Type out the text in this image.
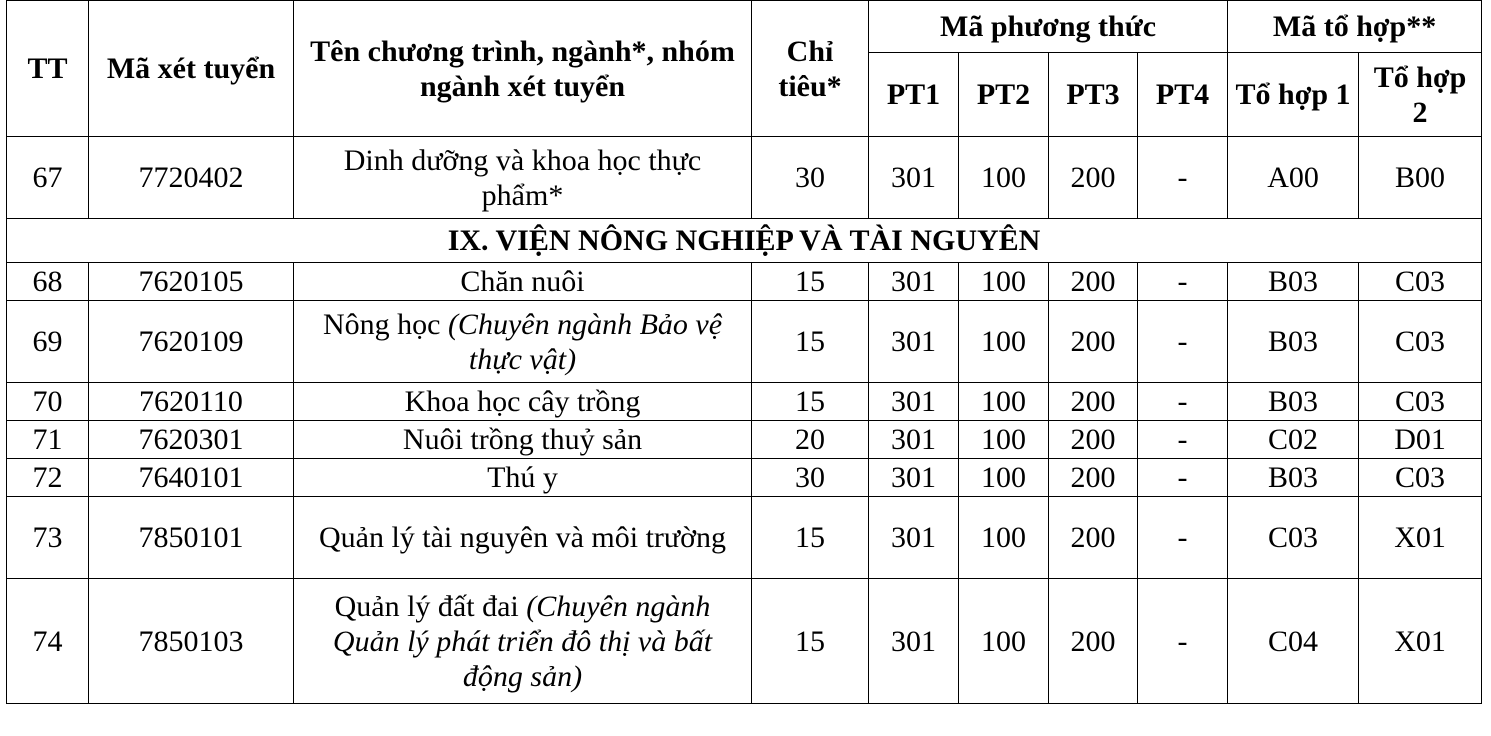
TT	Mã xét tuyển	Tên chương trình, ngành*, nhóm ngành xét tuyển	Chỉ tiêu*	Mã phương thức				Mã tổ hợp**	
				PT1	PT2	PT3	PT4	Tổ hợp 1	Tổ hợp 2
67	7720402	Dinh dưỡng và khoa học thực phẩm*	30	301	100	200	-	A00	B00
IX. VIỆN NÔNG NGHIỆP VÀ TÀI NGUYÊN									
68	7620105	Chăn nuôi	15	301	100	200	-	B03	C03
69	7620109	Nông học (Chuyên ngành Bảo vệ thực vật)	15	301	100	200	-	B03	C03
70	7620110	Khoa học cây trồng	15	301	100	200	-	B03	C03
71	7620301	Nuôi trồng thuỷ sản	20	301	100	200	-	C02	D01
72	7640101	Thú y	30	301	100	200	-	B03	C03
73	7850101	Quản lý tài nguyên và môi trường	15	301	100	200	-	C03	X01
74	7850103	Quản lý đất đai (Chuyên ngành Quản lý phát triển đô thị và bất động sản)	15	301	100	200	-	C04	X01
